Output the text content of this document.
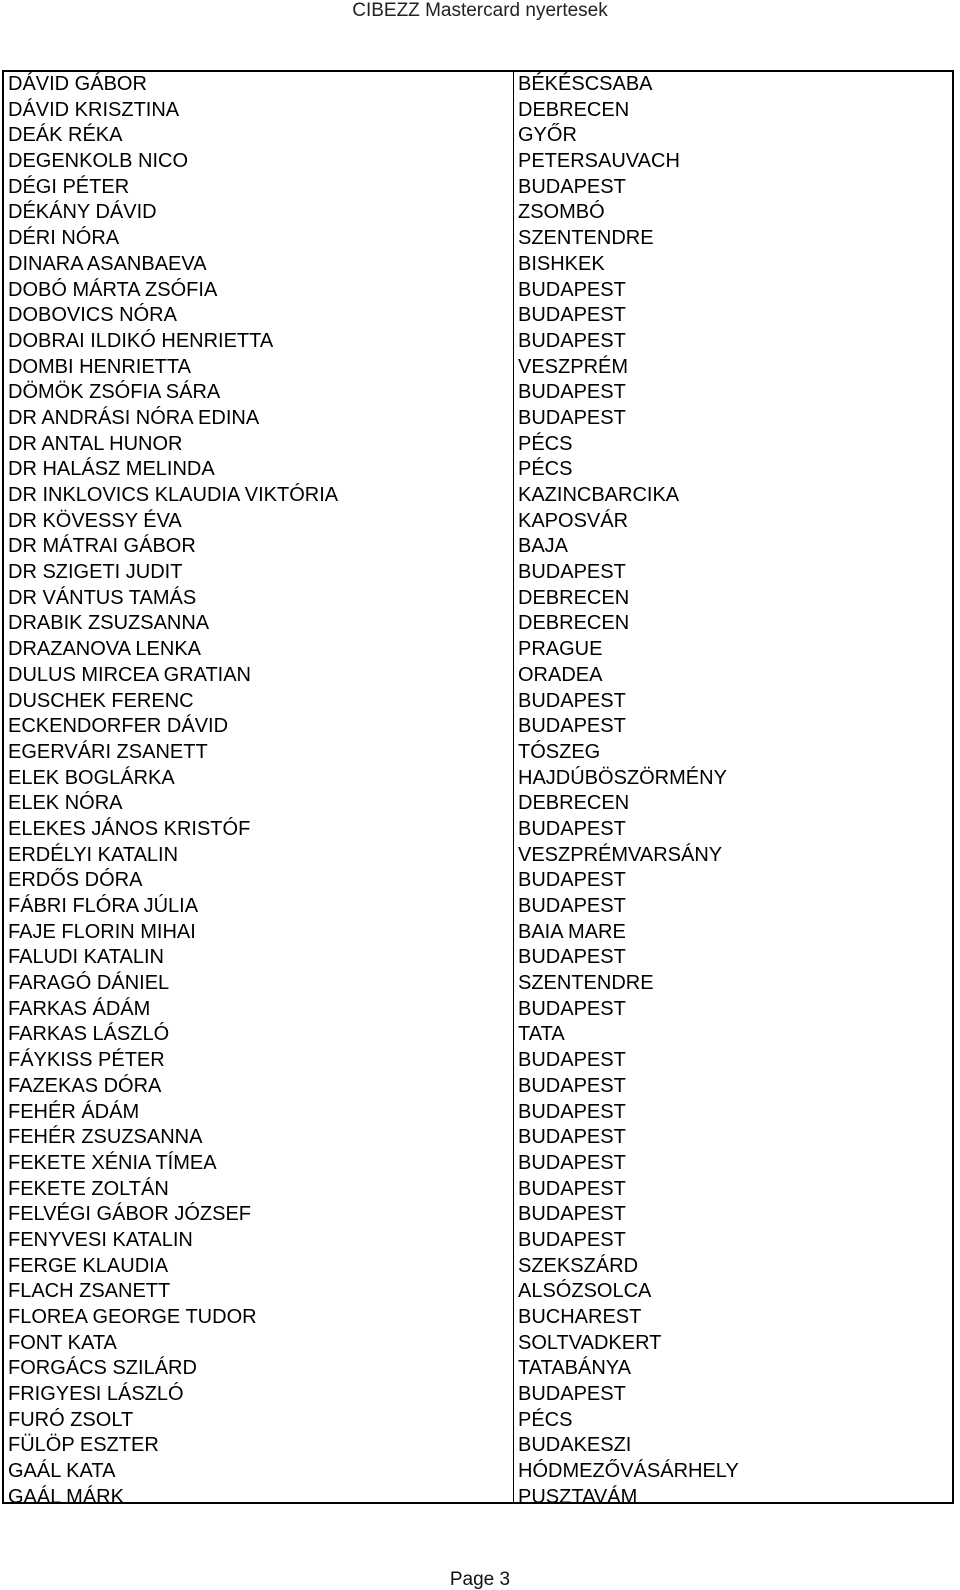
CIBEZZ Mastercard nyertesek
DÁVID GÁBOR
DÁVID KRISZTINA
DEÁK RÉKA
DEGENKOLB NICO
DÉGI PÉTER
DÉKÁNY DÁVID
DÉRI NÓRA
DINARA ASANBAEVA
DOBÓ MÁRTA ZSÓFIA
DOBOVICS NÓRA
DOBRAI ILDIKÓ HENRIETTA
DOMBI HENRIETTA
DÖMÖK ZSÓFIA SÁRA
DR ANDRÁSI NÓRA EDINA
DR ANTAL HUNOR
DR HALÁSZ MELINDA
DR INKLOVICS KLAUDIA VIKTÓRIA
DR KÖVESSY ÉVA
DR MÁTRAI GÁBOR
DR SZIGETI JUDIT
DR VÁNTUS TAMÁS
DRABIK ZSUZSANNA
DRAZANOVA LENKA
DULUS MIRCEA GRATIAN
DUSCHEK FERENC
ECKENDORFER DÁVID
EGERVÁRI ZSANETT
ELEK BOGLÁRKA
ELEK NÓRA
ELEKES JÁNOS KRISTÓF
ERDÉLYI KATALIN
ERDŐS DÓRA
FÁBRI FLÓRA JÚLIA
FAJE FLORIN MIHAI
FALUDI KATALIN
FARAGÓ DÁNIEL
FARKAS ÁDÁM
FARKAS LÁSZLÓ
FÁYKISS PÉTER
FAZEKAS DÓRA
FEHÉR ÁDÁM
FEHÉR ZSUZSANNA
FEKETE XÉNIA TÍMEA
FEKETE ZOLTÁN
FELVÉGI GÁBOR JÓZSEF
FENYVESI KATALIN
FERGE KLAUDIA
FLACH ZSANETT
FLOREA GEORGE TUDOR
FONT KATA
FORGÁCS SZILÁRD
FRIGYESI LÁSZLÓ
FURÓ ZSOLT
FÜLÖP ESZTER
GAÁL KATA
GAÁL MÁRK
BÉKÉSCSABA
DEBRECEN
GYŐR
PETERSAUVACH
BUDAPEST
ZSOMBÓ
SZENTENDRE
BISHKEK
BUDAPEST
BUDAPEST
BUDAPEST
VESZPRÉM
BUDAPEST
BUDAPEST
PÉCS
PÉCS
KAZINCBARCIKA
KAPOSVÁR
BAJA
BUDAPEST
DEBRECEN
DEBRECEN
PRAGUE
ORADEA
BUDAPEST
BUDAPEST
TÓSZEG
HAJDÚBÖSZÖRMÉNY
DEBRECEN
BUDAPEST
VESZPRÉMVARSÁNY
BUDAPEST
BUDAPEST
BAIA MARE
BUDAPEST
SZENTENDRE
BUDAPEST
TATA
BUDAPEST
BUDAPEST
BUDAPEST
BUDAPEST
BUDAPEST
BUDAPEST
BUDAPEST
BUDAPEST
SZEKSZÁRD
ALSÓZSOLCA
BUCHAREST
SOLTVADKERT
TATABÁNYA
BUDAPEST
PÉCS
BUDAKESZI
HÓDMEZŐVÁSÁRHELY
PUSZTAVÁM
Page 3
